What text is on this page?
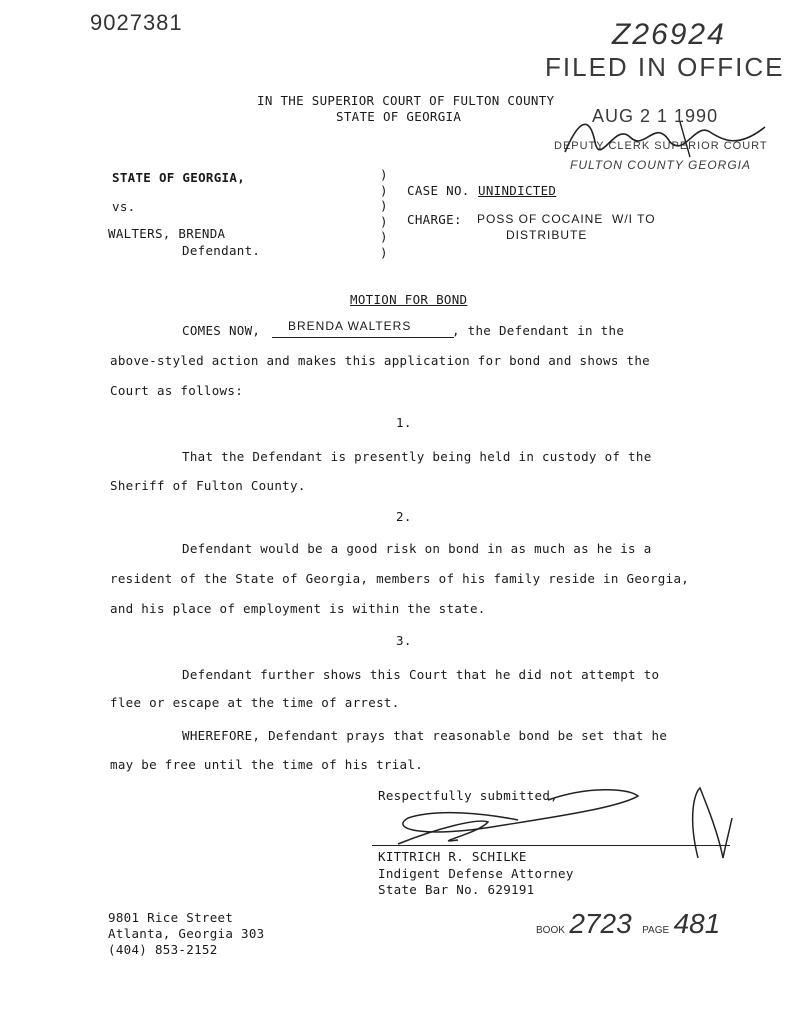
9027381	Z26924
FILED IN OFFICE
AUG 2 1 1990
DEPUTY CLERK SUPERIOR COURT
FULTON COUNTY GEORGIA
IN THE SUPERIOR COURT OF FULTON COUNTY
STATE OF GEORGIA
STATE OF GEORGIA,
vs.
WALTERS, BRENDA
Defendant.
)
)
)
)
)
)
CASE NO. UNINDICTED
CHARGE: POSS OF COCAINE  W/I TO
DISTRIBUTE
MOTION FOR BOND
COMES NOW, BRENDA WALTERS	, the Defendant in the
above-styled action and makes this application for bond and shows the
Court as follows:
1.
That the Defendant is presently being held in custody of the
Sheriff of Fulton County.
2.
Defendant would be a good risk on bond in as much as he is a
resident of the State of Georgia, members of his family reside in Georgia,
and his place of employment is within the state.
3.
Defendant further shows this Court that he did not attempt to
flee or escape at the time of arrest.
WHEREFORE, Defendant prays that reasonable bond be set that he
may be free until the time of his trial.
Respectfully submitted,
KITTRICH R. SCHILKE
Indigent Defense Attorney
State Bar No. 629191
9801 Rice Street
Atlanta, Georgia 303
(404) 853-2152
BOOK 2723 PAGE 481
